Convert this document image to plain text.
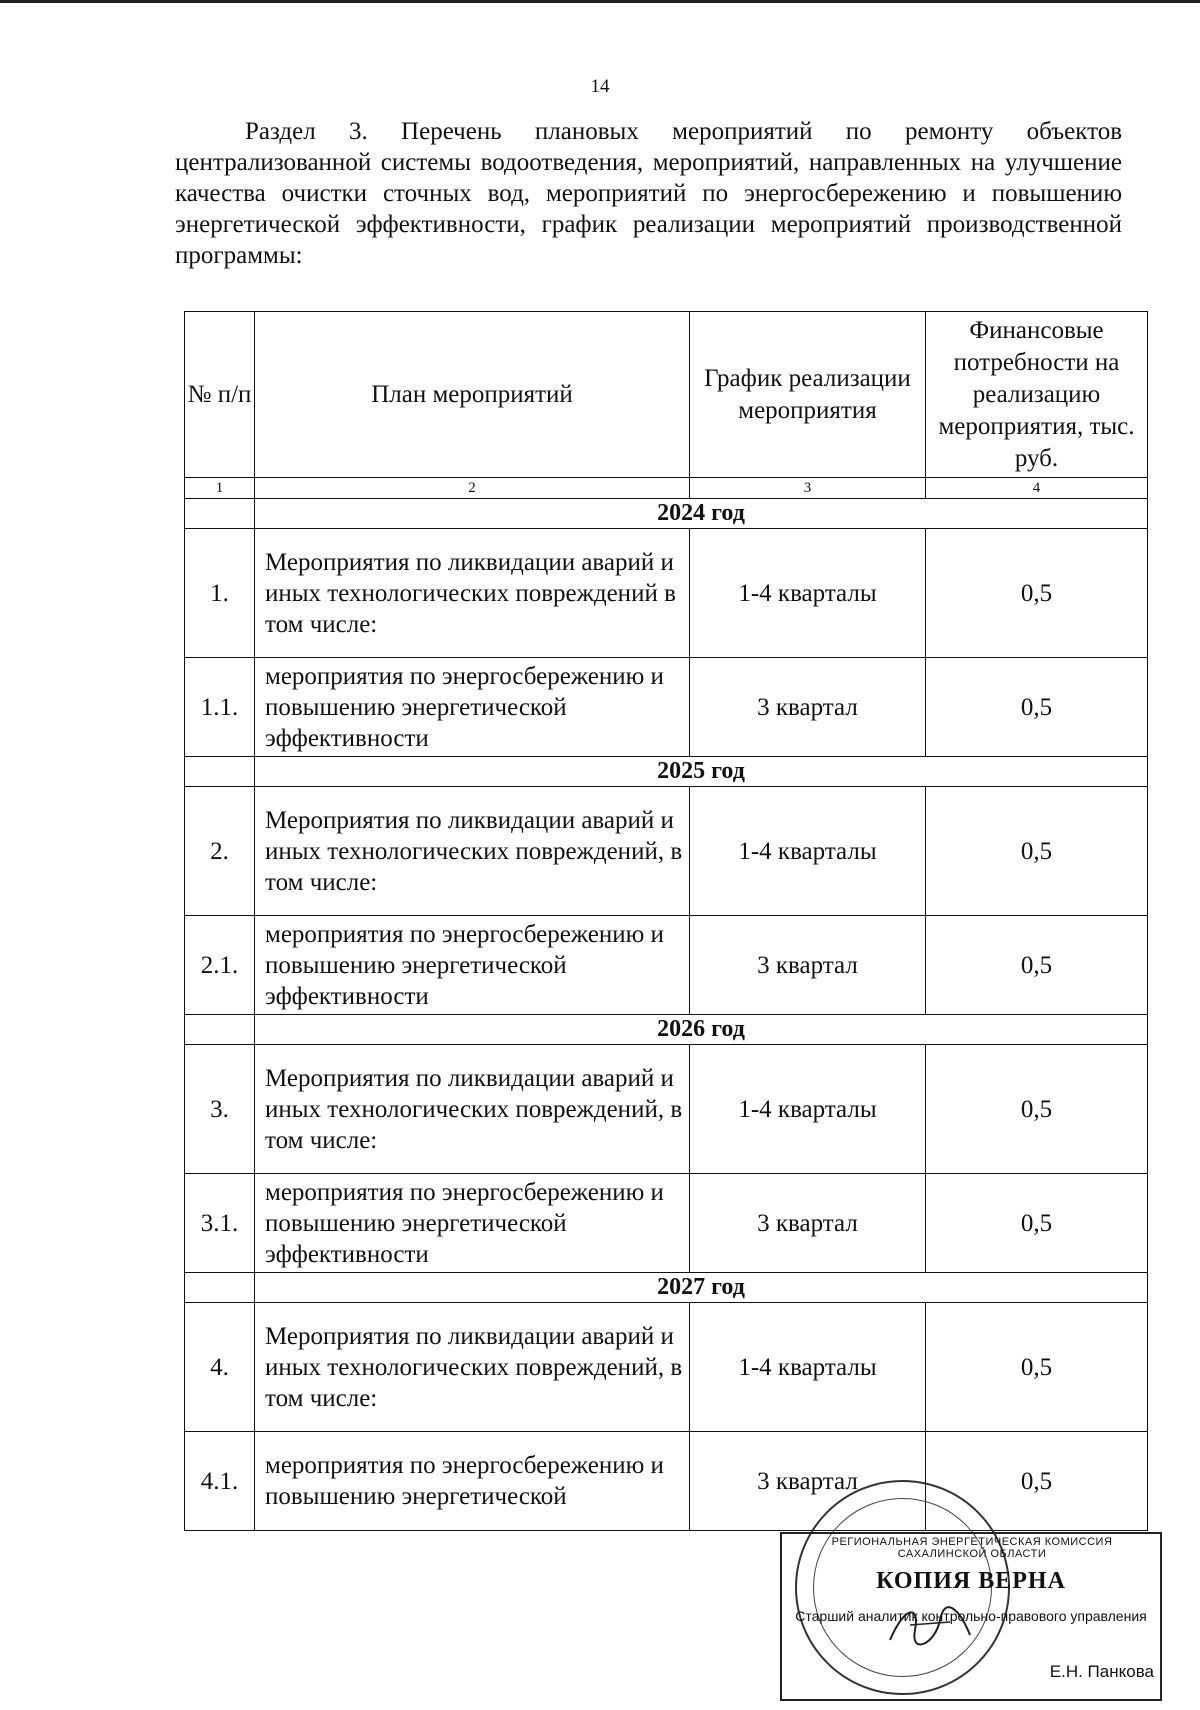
14
Раздел 3. Перечень плановых мероприятий по ремонту объектов централизованной системы водоотведения, мероприятий, направленных на улучшение качества очистки сточных вод, мероприятий по энергосбережению и повышению энергетической эффективности, график реализации мероприятий производственной программы:
№ п/п	План мероприятий	График реализации мероприятия	Финансовые потребности на реализацию мероприятия, тыс. руб.
1	2	3	4
	2024 год		
1.	Мероприятия по ликвидации аварий и иных технологических повреждений в том числе:	1-4 кварталы	0,5
1.1.	мероприятия по энергосбережению и повышению энергетической эффективности	3 квартал	0,5
	2025 год		
2.	Мероприятия по ликвидации аварий и иных технологических повреждений, в том числе:	1-4 кварталы	0,5
2.1.	мероприятия по энергосбережению и повышению энергетической эффективности	3 квартал	0,5
	2026 год		
3.	Мероприятия по ликвидации аварий и иных технологических повреждений, в том числе:	1-4 кварталы	0,5
3.1.	мероприятия по энергосбережению и повышению энергетической эффективности	3 квартал	0,5
	2027 год		
4.	Мероприятия по ликвидации аварий и иных технологических повреждений, в том числе:	1-4 кварталы	0,5
4.1.	мероприятия по энергосбережению и повышению энергетической	3 квартал	0,5
РЕГИОНАЛЬНАЯ ЭНЕРГЕТИЧЕСКАЯ КОМИССИЯ САХАЛИНСКОЙ ОБЛАСТИ
КОПИЯ ВЕРНА
Старший аналитик контрольно-правового управления
Е.Н. Панкова
